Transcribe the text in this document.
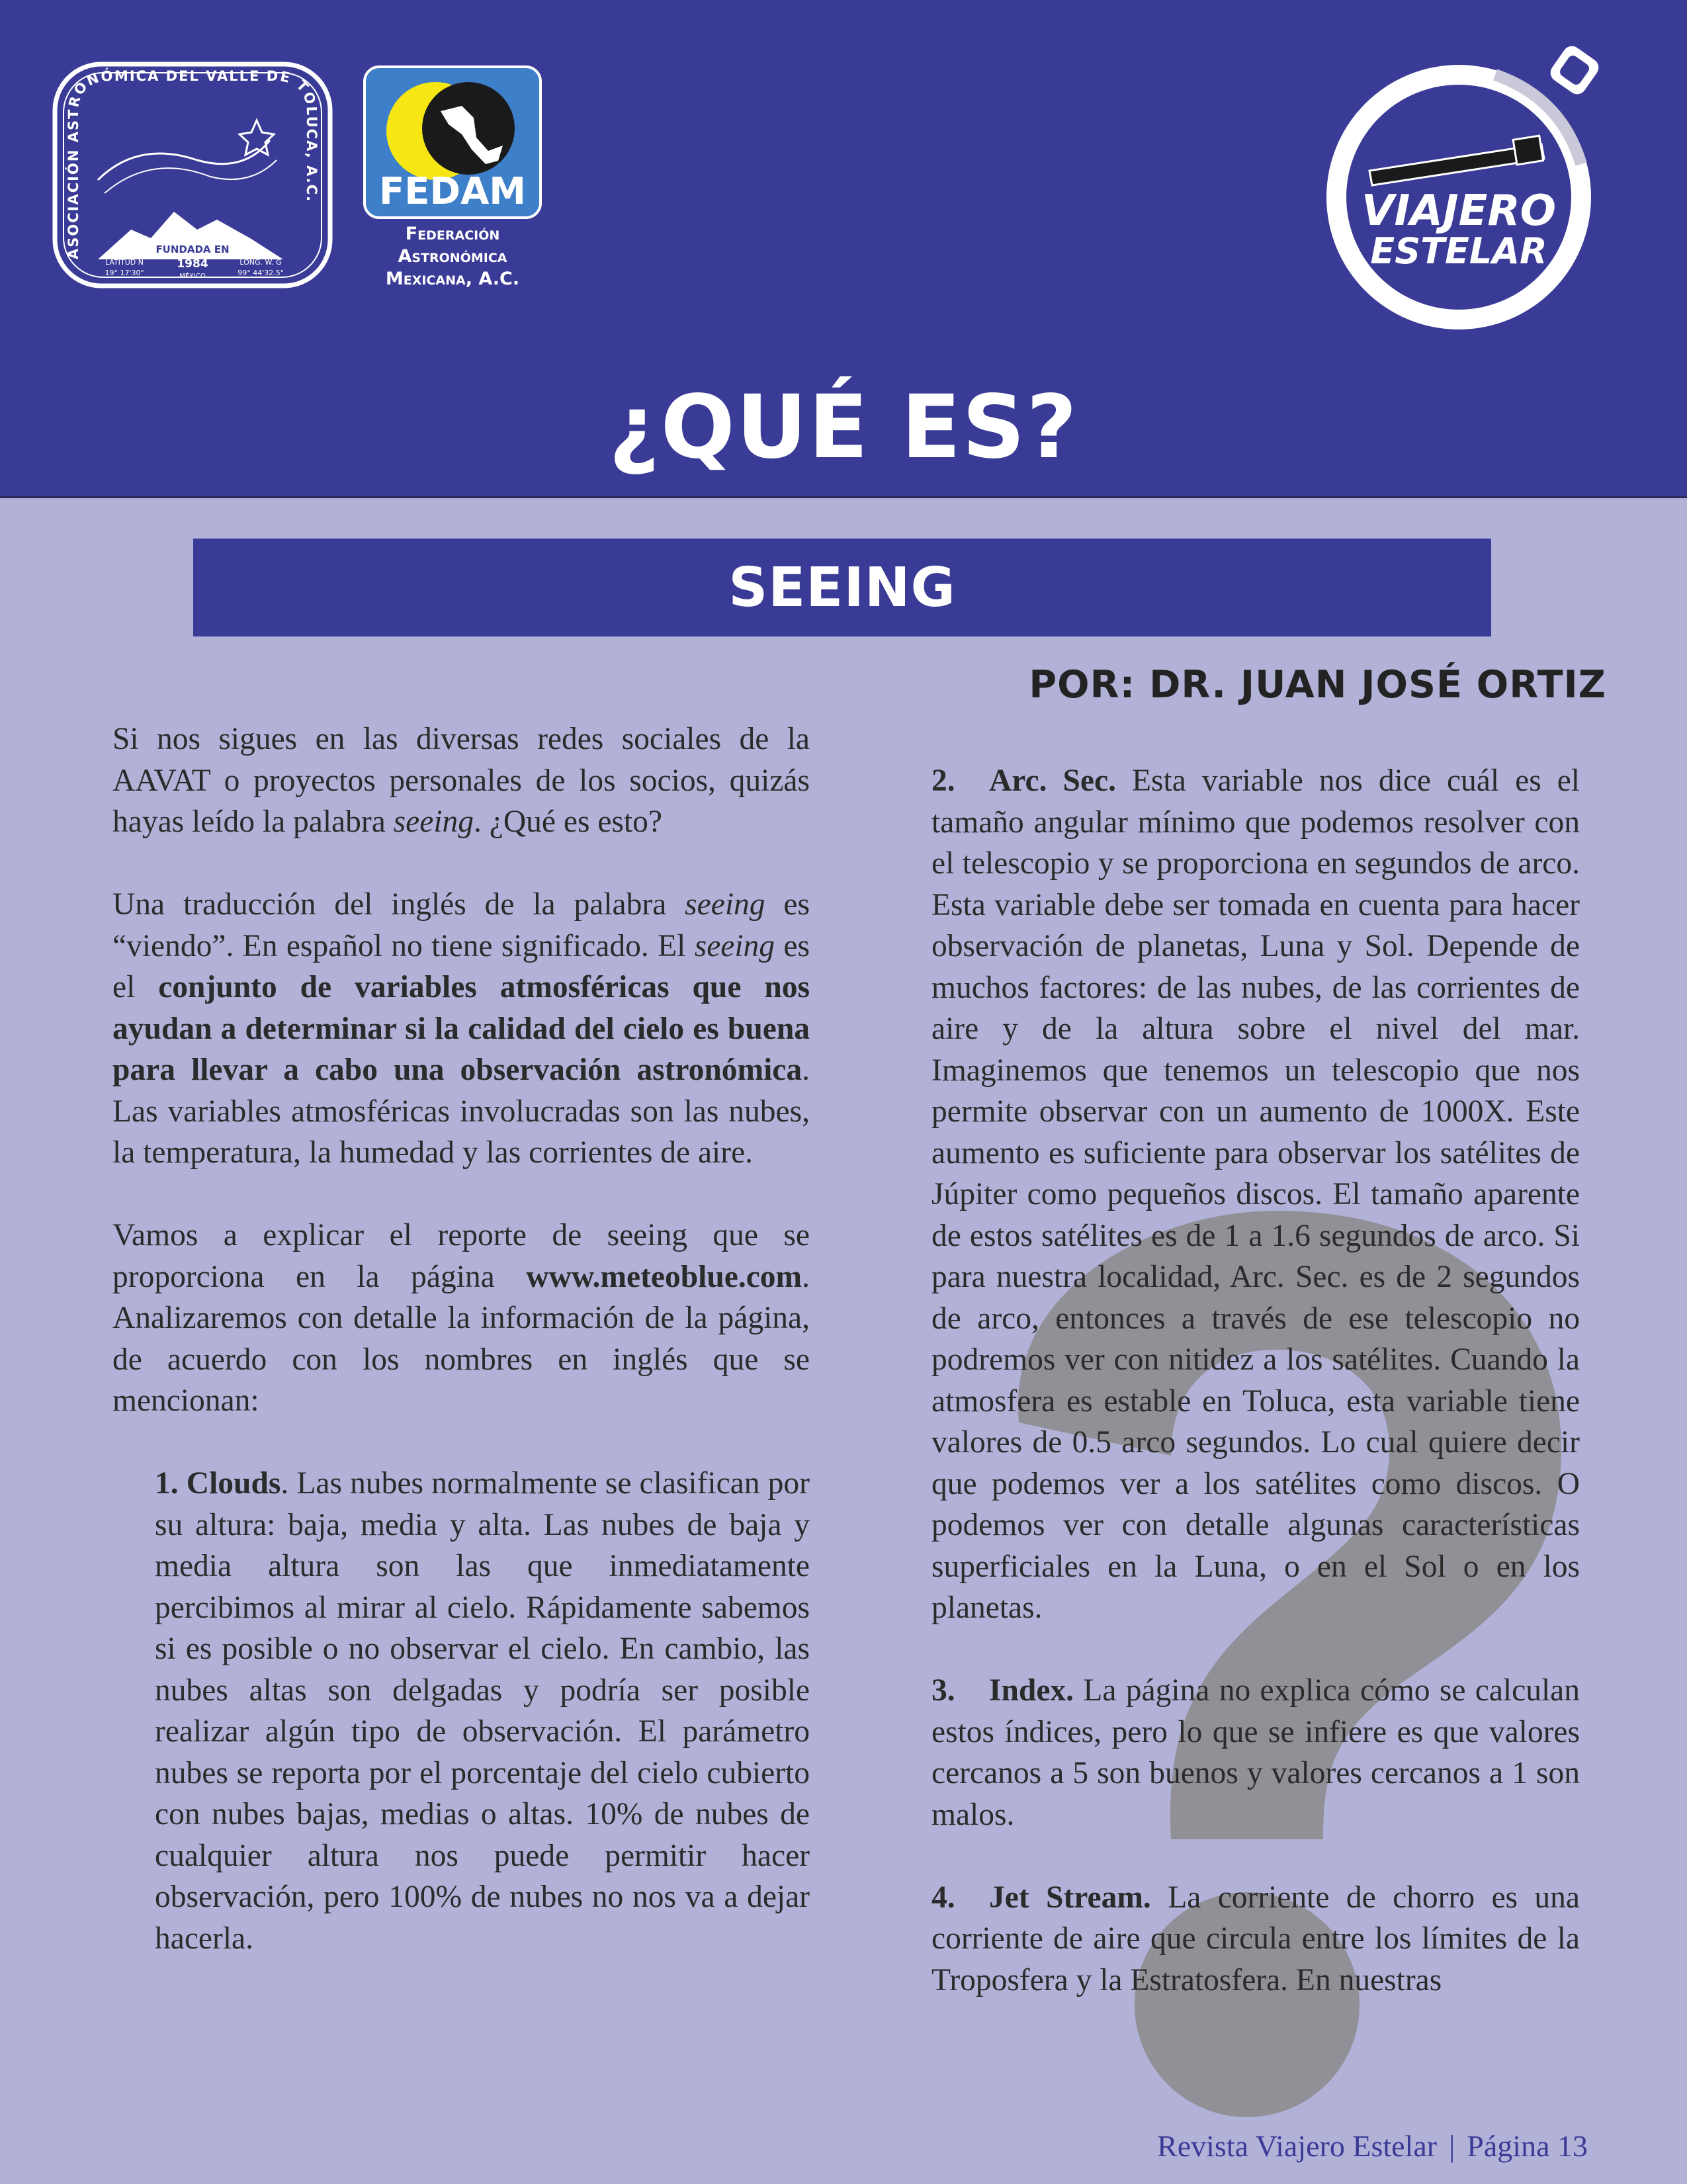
ASOCIACIÓN ASTRONÓMICA DEL VALLE DE TOLUCA, A.C.
FUNDADA EN
1984
LATITUD N
19° 17'30"	MÉXICO
LONG. W. G
99° 44'32.5"
FEDAM
Federación
Astronómica
Mexicana, A.C.
VIAJERO
ESTELAR
¿QUÉ ES?
SEEING
POR: DR. JUAN JOSÉ ORTIZ

Si nos sigues en las diversas redes sociales de la AAVAT o proyectos personales de los socios, quizás hayas leído la palabra seeing. ¿Qué es esto?

Una traducción del inglés de la palabra seeing es “viendo”. En español no tiene significado. El seeing es el conjunto de variables atmosféricas que nos ayudan a determinar si la calidad del cielo es buena para llevar a cabo una observación astronómica. Las variables atmosféricas involucradas son las nubes, la temperatura, la humedad y las corrientes de aire.

Vamos a explicar el reporte de seeing que se proporciona en la página www.meteoblue.com. Analizaremos con detalle la información de la página, de acuerdo con los nombres en inglés que se mencionan:

1. Clouds. Las nubes normalmente se clasifican por su altura: baja, media y alta. Las nubes de baja y media altura son las que inmediatamente percibimos al mirar al cielo. Rápidamente sabemos si es posible o no observar el cielo. En cambio, las nubes altas son delgadas y podría ser posible realizar algún tipo de observación. El parámetro nubes se reporta por el porcentaje del cielo cubierto con nubes bajas, medias o altas. 10% de nubes de cualquier altura nos puede permitir hacer observación, pero 100% de nubes no nos va a dejar hacerla.

2. Arc. Sec. Esta variable nos dice cuál es el tamaño angular mínimo que podemos resolver con el telescopio y se proporciona en segundos de arco. Esta variable debe ser tomada en cuenta para hacer observación de planetas, Luna y Sol. Depende de muchos factores: de las nubes, de las corrientes de aire y de la altura sobre el nivel del mar. Imaginemos que tenemos un telescopio que nos permite observar con un aumento de 1000X. Este aumento es suficiente para observar los satélites de Júpiter como pequeños discos. El tamaño aparente de estos satélites es de 1 a 1.6 segundos de arco. Si para nuestra localidad, Arc. Sec. es de 2 segundos de arco, entonces a través de ese telescopio no podremos ver con nitidez a los satélites. Cuando la atmosfera es estable en Toluca, esta variable tiene valores de 0.5 arco segundos. Lo cual quiere decir que podemos ver a los satélites como discos. O podemos ver con detalle algunas características superficiales en la Luna, o en el Sol o en los planetas.

3. Index. La página no explica cómo se calculan estos índices, pero lo que se infiere es que valores cercanos a 5 son buenos y valores cercanos a 1 son malos.

4. Jet Stream. La corriente de chorro es una corriente de aire que circula entre los límites de la Troposfera y la Estratosfera. En nuestras

Revista Viajero Estelar | Página 13
